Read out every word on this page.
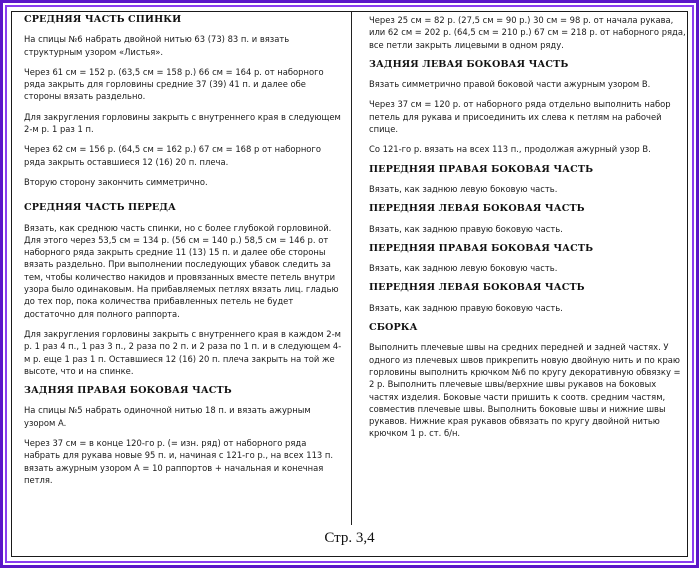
СРЕДНЯЯ ЧАСТЬ СПИНКИ
На спицы №6 набрать двойной нитью 63 (73) 83 п. и вязать структурным узором «Листья».
Через 61 см = 152 р. (63,5 см = 158 р.) 66 см = 164 р. от наборного ряда закрыть для горловины средние 37 (39) 41 п. и далее обе стороны вязать раздельно.
Для закругления горловины закрыть с внутреннего края в следующем 2-м р. 1 раз 1 п.
Через 62 см = 156 р. (64,5 см = 162 р.) 67 см = 168 р от наборного ряда закрыть оставшиеся 12 (16) 20 п. плеча.
Вторую сторону закончить симметрично.
СРЕДНЯЯ ЧАСТЬ ПЕРЕДА
Вязать, как среднюю часть спинки, но с более глубокой горловиной. Для этого через 53,5 см = 134 р. (56 см = 140 р.) 58,5 см = 146 р. от наборного ряда закрыть средние 11 (13) 15 п. и далее обе стороны вязать раздельно. При выполнении последующих убавок следить за тем, чтобы количество накидов и провязанных вместе петель внутри узора было одинаковым. На прибавляемых петлях вязать лиц. гладью до тех пор, пока количества прибавленных петель не будет достаточно для полного раппорта.
Для закругления горловины закрыть с внутреннего края в каждом 2-м р. 1 раз 4 п., 1 раз 3 п., 2 раза по 2 п. и 2 раза по 1 п. и в следующем 4-м р. еще 1 раз 1 п. Оставшиеся 12 (16) 20 п. плеча закрыть на той же высоте, что и на спинке.
ЗАДНЯЯ ПРАВАЯ БОКОВАЯ ЧАСТЬ
На спицы №5 набрать одиночной нитью 18 п. и вязать ажурным узором А.
Через 37 см = в конце 120-го р. (= изн. ряд) от наборного ряда набрать для рукава новые 95 п. и, начиная с 121-го р., на всех 113 п. вязать ажурным узором А = 10 раппортов + начальная и конечная петля.
Через 25 см = 82 р. (27,5 см = 90 р.) 30 см = 98 р. от начала рукава, или 62 см = 202 р. (64,5 см = 210 р.) 67 см = 218 р. от наборного ряда, все петли закрыть лицевыми в одном ряду.
ЗАДНЯЯ ЛЕВАЯ БОКОВАЯ ЧАСТЬ
Вязать симметрично правой боковой части ажурным узором В.
Через 37 см = 120 р. от наборного ряда отдельно выполнить набор петель для рукава и присоединить их слева к петлям на рабочей спице.
Со 121-го р. вязать на всех 113 п., продолжая ажурный узор В.
ПЕРЕДНЯЯ ПРАВАЯ БОКОВАЯ ЧАСТЬ
Вязать, как заднюю левую боковую часть.
ПЕРЕДНЯЯ ЛЕВАЯ БОКОВАЯ ЧАСТЬ
Вязать, как заднюю правую боковую часть.
ПЕРЕДНЯЯ ПРАВАЯ БОКОВАЯ ЧАСТЬ
Вязать, как заднюю левую боковую часть.
ПЕРЕДНЯЯ ЛЕВАЯ БОКОВАЯ ЧАСТЬ
Вязать, как заднюю правую боковую часть.
СБОРКА
Выполнить плечевые швы на средних передней и задней частях. У одного из плечевых швов прикрепить новую двойную нить и по краю горловины выполнить крючком №6 по кругу декоративную обвязку = 2 р. Выполнить плечевые швы/верхние швы рукавов на боковых частях изделия. Боковые части пришить к соотв. средним частям, совместив плечевые швы. Выполнить боковые швы и нижние швы рукавов. Нижние края рукавов обвязать по кругу двойной нитью крючком 1 р. ст. б/н.
Стр. 3,4
